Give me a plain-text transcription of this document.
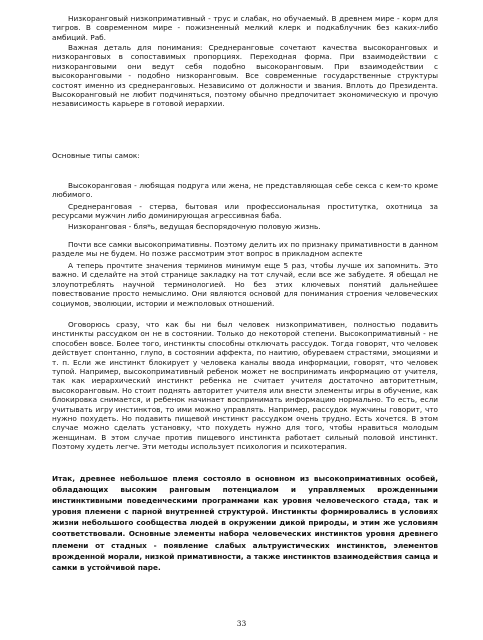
Низкоранговый низкопримативный - трус и слабак, но обучаемый. В древнем мире - корм для тигров. В современном мире - пожизненный мелкий клерк и подкаблучник без каких-либо амбиций. Раб.

Важная деталь для понимания: Среднеранговые сочетают качества высокоранговых и низкоранговых в сопоставимых пропорциях. Переходная форма. При взаимодействии с низкоранговыми они ведут себя подобно высокоранговым. При взаимодействии с высокоранговыми - подобно низкоранговым. Все современные государственные структуры состоят именно из среднеранговых. Независимо от должности и звания. Вплоть до Президента. Высокоранговый не любит подчиняться, поэтому обычно предпочитает экономическую и прочую независимость карьере в готовой иерархии.

Основные типы самок:

Высокоранговая - любящая подруга или жена, не представляющая себе секса с кем-то кроме любимого.

Среднеранговая - стерва, бытовая или профессиональная проститутка, охотница за ресурсами мужчин либо доминирующая агрессивная баба.

Низкоранговая - бля*ь, ведущая беспорядочную половую жизнь.

Почти все самки высокопримативны. Поэтому делить их по признаку примативности в данном разделе мы не будем. Но позже рассмотрим этот вопрос в прикладном аспекте

А теперь прочтите значения терминов минимум еще 5 раз, чтобы лучше их запомнить. Это важно. И сделайте на этой странице закладку на тот случай, если все же забудете. Я обещал не злоупотреблять научной терминологией. Но без этих ключевых понятий дальнейшее повествование просто немыслимо. Они являются основой для понимания строения человеческих социумов, эволюции, истории и межполовых отношений.

Оговорюсь сразу, что как бы ни был человек низкопримативен, полностью подавить инстинкты рассудком он не в состоянии. Только до некоторой степени. Высокопримативный - не способен вовсе. Более того, инстинкты способны отключать рассудок. Тогда говорят, что человек действует спонтанно, глупо, в состоянии аффекта, по наитию, обуреваем страстями, эмоциями и т. п. Если же инстинкт блокирует у человека каналы ввода информации, говорят, что человек тупой. Например, высокопримативный ребенок может не воспринимать информацию от учителя, так как иерархический инстинкт ребенка не считает учителя достаточно авторитетным, высокоранговым. Но стоит поднять авторитет учителя или внести элементы игры в обучение, как блокировка снимается, и ребенок начинает воспринимать информацию нормально. То есть, если учитывать игру инстинктов, то ими можно управлять. Например, рассудок мужчины говорит, что нужно похудеть. Но подавить пищевой инстинкт рассудком очень трудно. Есть хочется. В этом случае можно сделать установку, что похудеть нужно для того, чтобы нравиться молодым женщинам. В этом случае против пищевого инстинкта работает сильный половой инстинкт. Поэтому худеть легче. Эти методы использует психология и психотерапия.

Итак, древнее небольшое племя состояло в основном из высокопримативных особей, обладающих высоким ранговым потенциалом и управляемых врожденными инстинктивными поведенческими программами как уровня человеческого стада, так и уровня племени с парной внутренней структурой. Инстинкты формировались в условиях жизни небольшого сообщества людей в окружении дикой природы, и этим же условиям соответствовали. Основные элементы набора человеческих инстинктов уровня древнего племени от стадных - появление слабых альтруистических инстинктов, элементов врожденной морали, низкой примативности, а также инстинктов взаимодействия самца и самки в устойчивой паре.

33
